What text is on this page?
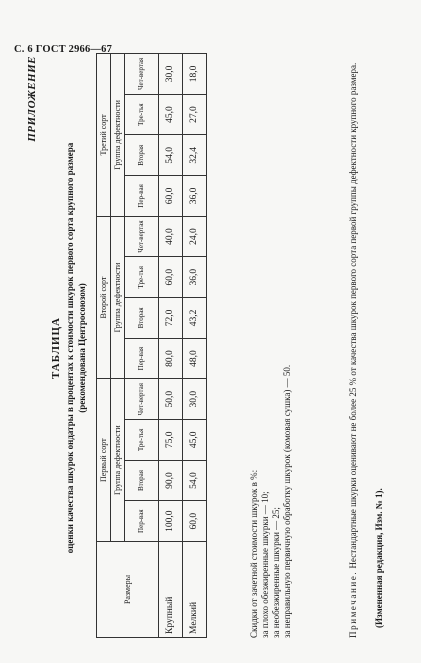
С. 6 ГОСТ 2966—67
ПРИЛОЖЕНИЕ
ТАБЛИЦА оценки качества шкурок ондатры в процентах к стоимости шкурок первого сорта крупного размера (рекомендована Центросоюзом)
Размеры	Первый сорт				Второй сорт				Третий сорт			
	Группа дефектности				Группа дефектности				Группа дефектности			
	Пер-вая	Вторая	Тре-тья	Чет-вертая	Пер-вая	Вторая	Тре-тья	Чет-вертая	Пер-вая	Вторая	Тре-тья	Чет-вертая
Крупный	100,0	90,0	75,0	50,0	80,0	72,0	60,0	40,0	60,0	54,0	45,0	30,0
Мелкий	60,0	54,0	45,0	30,0	48,0	43,2	36,0	24,0	36,0	32,4	27,0	18,0
Скидки от зачетной стоимости шкурок в %: за плохо обезжиренные шкурки — 10; за необезжиренные шкурки — 25; за неправильную первичную обработку шкурок (комовая сушка) — 50.	Примечание. Нестандартные шкурки оценивают не более 25 % от качества шкурок первого сорта первой группы дефектности крупного размера. (Измененная редакция, Изм. № 1).
